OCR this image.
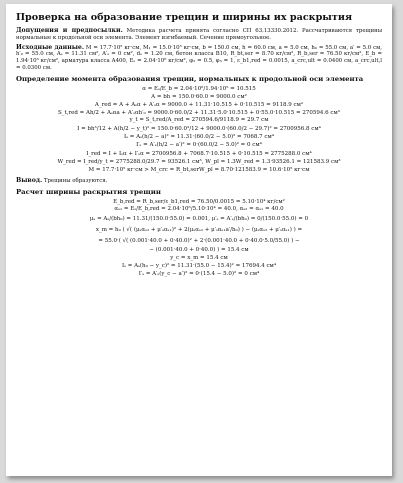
Проверка на образование трещин и ширины их раскрытия

Допущения и предпосылки. Методика расчета принята согласно СП 63.13330.2012. Рассчатриваются трещины нормальные к продольной оси элемента. Элемент изгибаемый. Сечение прямоугольное.

Исходные данные. M = 17.7·10⁵ кг·см, M₁ = 15.0·10⁵ кг·см, b = 150.0 см, h = 60.0 см, a = 5.0 см, h₀ = 55.0 см, a′ = 5.0 см, h′₀ = 55.0 см, Aₛ = 11.31 см², A′ₛ = 0 см², dₛ = 1.20 см, бетон класса B10, R_bt,ser = 8.70 кг/см², R_b,ser = 76.50 кг/см², E_b = 1.94·10⁵ кг/см², арматура класса A400, Eₛ = 2.04·10⁶ кг/см², φ₂ = 0.5, φ₃ = 1, ε_b1,red = 0.0015, a_crc,ult = 0.0400 см, a_crc,ult,l = 0.0300 см.

Определение момента образования трещин, нормальных к продольной оси элемента
α = Eₛ/E_b = 2.04·10⁶/1.94·10⁵ = 10.515
A = bh = 150.0·60.0 = 9000.0 см²
A_red = A + Aₛα + A′ₛα = 9000.0 + 11.31·10.515 + 0·10.515 = 9118.9 см²
S_t,red = Ah/2 + Aₛαa + A′ₛαh′₀ = 9000.0·60.0/2 + 11.31·5.0·10.515 + 0·55.0·10.515 = 270594.6 см³
y_t = S_t,red/A_red = 270594.6/9118.9 = 29.7 см
I = bh³/12 + A(h/2 − y_t)² = 150.0·60.0³/12 + 9000.0·(60.0/2 − 29.7)² = 2700956.8 см⁴
Iₛ = Aₛ(h/2 − a)² = 11.31·(60.0/2 − 5.0)² = 7068.7 см⁴
I′ₛ = A′ₛ(h/2 − a′)² = 0·(60.0/2 − 5.0)² = 0 см⁴
I_red = I + Iₛα + I′ₛα = 2700956.8 + 7068.7·10.515 + 0·10.515 = 2775288.0 см⁴
W_red = I_red/y_t = 2775288.0/29.7 = 93526.1 см³, W_pl = 1.3W_red = 1.3·93526.1 = 121583.9 см³
M = 17.7·10⁵ кг·см > M_crc = R_bt,serW_pl = 8.70·121583.9 = 10.6·10⁵ кг·см

Вывод. Трещины образуются.

Расчет ширины раскрытия трещин
E_b,red = R_b,ser/ε_b1,red = 76.50/0.0015 = 5.10·10⁴ кг/см²
αₛ₁ = Eₛ/E_b,red = 2.04·10⁶/5.10·10⁴ = 40.0, αₛ₂ = αₛ₁ = 40.0
μₛ = Aₛ/(bh₀) = 11.31/(150.0·55.0) = 0.001, μ′ₛ = A′ₛ/(bh₀) = 0/(150.0·55.0) = 0
x_m = h₀ ( √( (μₛαₛ₂ + μ′ₛαₛ₁)² + 2(μₛαₛ₂ + μ′ₛαₛ₁a′/h₀) ) − (μₛαₛ₂ + μ′ₛαₛ₁) ) =
= 55.0·( √( (0.001·40.0 + 0·40.0)² + 2·(0.001·40.0 + 0·40.0·5.0/55.0) ) −
− (0.001·40.0 + 0·40.0) ) = 15.4 см
y_c = x_m = 15.4 см
Iₛ = Aₛ(h₀ − y_c)² = 11.31·(55.0 − 15.4)² = 17694.4 см⁴
I′ₛ = A′ₛ(y_c − a′)² = 0·(15.4 − 5.0)² = 0 см⁴
